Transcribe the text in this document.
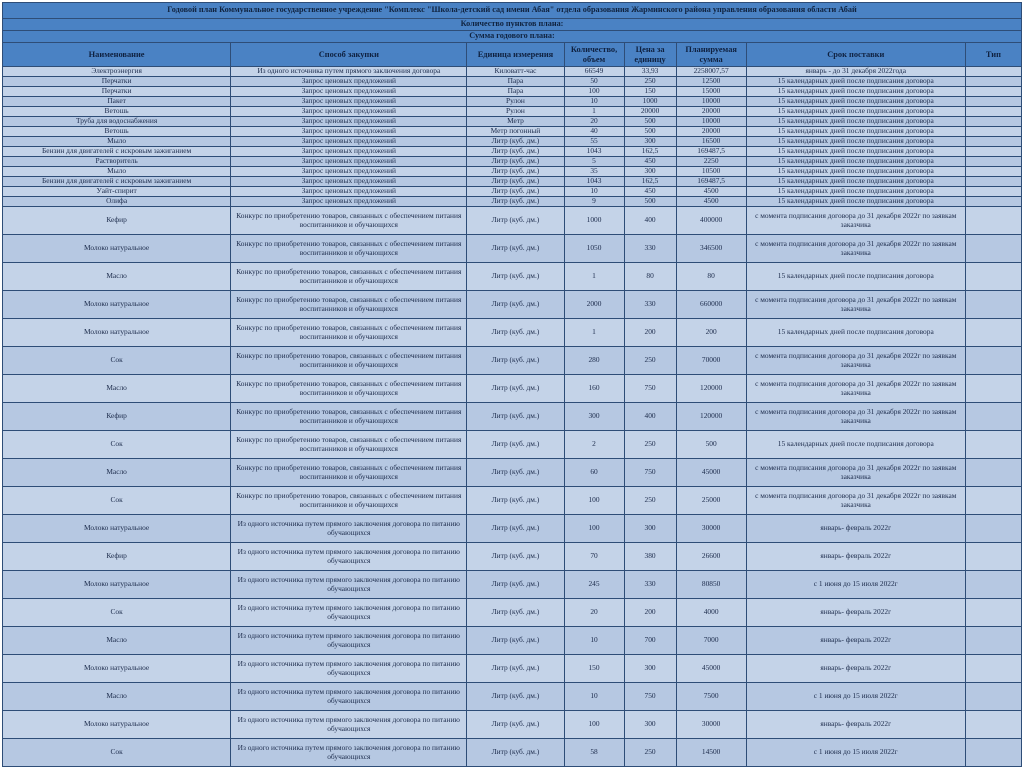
Годовой план Коммунальное государственное учреждение "Комплекс "Школа-детский сад имени Абая" отдела образования Жарминского района управления образования области Абай							
Количество пунктов плана:							
Сумма годового плана:							
Наименование	Способ закупки	Единица измерения	Количество, объем	Цена за единицу	Планируемая сумма	Срок поставки	Тип
Электроэнергия	Из одного источника путем прямого заключения договора	Киловатт-час	66549	33,93	2258007,57	январь - до 31 декабря 2022года	
Перчатки	Запрос ценовых предложений	Пара	50	250	12500	15 календарных дней после подписания договора	
Перчатки	Запрос ценовых предложений	Пара	100	150	15000	15 календарных дней после подписания договора	
Пакет	Запрос ценовых предложений	Рулон	10	1000	10000	15 календарных дней после подписания договора	
Ветошь	Запрос ценовых предложений	Рулон	1	20000	20000	15 календарных дней после подписания договора	
Труба для водоснабжения	Запрос ценовых предложений	Метр	20	500	10000	15 календарных дней после подписания договора	
Ветошь	Запрос ценовых предложений	Метр погонный	40	500	20000	15 календарных дней после подписания договора	
Мыло	Запрос ценовых предложений	Литр (куб. дм.)	55	300	16500	15 календарных дней после подписания договора	
Бензин для двигателей с искровым зажиганием	Запрос ценовых предложений	Литр (куб. дм.)	1043	162,5	169487,5	15 календарных дней после подписания договора	
Растворитель	Запрос ценовых предложений	Литр (куб. дм.)	5	450	2250	15 календарных дней после подписания договора	
Мыло	Запрос ценовых предложений	Литр (куб. дм.)	35	300	10500	15 календарных дней после подписания договора	
Бензин для двигателей с искровым зажиганием	Запрос ценовых предложений	Литр (куб. дм.)	1043	162,5	169487,5	15 календарных дней после подписания договора	
Уайт-спирит	Запрос ценовых предложений	Литр (куб. дм.)	10	450	4500	15 календарных дней после подписания договора	
Олифа	Запрос ценовых предложений	Литр (куб. дм.)	9	500	4500	15 календарных дней после подписания договора	
Кефир	Конкурс по приобретению товаров, связанных с обеспечением питания воспитанников и обучающихся	Литр (куб. дм.)	1000	400	400000	с момента подписания договора до 31 декабря 2022г по заявкам заказчика	
Молоко натуральное	Конкурс по приобретению товаров, связанных с обеспечением питания воспитанников и обучающихся	Литр (куб. дм.)	1050	330	346500	с момента подписания договора до 31 декабря 2022г по заявкам заказчика	
Масло	Конкурс по приобретению товаров, связанных с обеспечением питания воспитанников и обучающихся	Литр (куб. дм.)	1	80	80	15 календарных дней после подписания договора	
Молоко натуральное	Конкурс по приобретению товаров, связанных с обеспечением питания воспитанников и обучающихся	Литр (куб. дм.)	2000	330	660000	с момента подписания договора до 31 декабря 2022г по заявкам заказчика	
Молоко натуральное	Конкурс по приобретению товаров, связанных с обеспечением питания воспитанников и обучающихся	Литр (куб. дм.)	1	200	200	15 календарных дней после подписания договора	
Сок	Конкурс по приобретению товаров, связанных с обеспечением питания воспитанников и обучающихся	Литр (куб. дм.)	280	250	70000	с момента подписания договора до 31 декабря 2022г по заявкам заказчика	
Масло	Конкурс по приобретению товаров, связанных с обеспечением питания воспитанников и обучающихся	Литр (куб. дм.)	160	750	120000	с момента подписания договора до 31 декабря 2022г по заявкам заказчика	
Кефир	Конкурс по приобретению товаров, связанных с обеспечением питания воспитанников и обучающихся	Литр (куб. дм.)	300	400	120000	с момента подписания договора до 31 декабря 2022г по заявкам заказчика	
Сок	Конкурс по приобретению товаров, связанных с обеспечением питания воспитанников и обучающихся	Литр (куб. дм.)	2	250	500	15 календарных дней после подписания договора	
Масло	Конкурс по приобретению товаров, связанных с обеспечением питания воспитанников и обучающихся	Литр (куб. дм.)	60	750	45000	с момента подписания договора до 31 декабря 2022г по заявкам заказчика	
Сок	Конкурс по приобретению товаров, связанных с обеспечением питания воспитанников и обучающихся	Литр (куб. дм.)	100	250	25000	с момента подписания договора до 31 декабря 2022г по заявкам заказчика	
Молоко натуральное	Из одного источника путем прямого заключения договора по питанию обучающихся	Литр (куб. дм.)	100	300	30000	январь- февраль 2022г	
Кефир	Из одного источника путем прямого заключения договора по питанию обучающихся	Литр (куб. дм.)	70	380	26600	январь- февраль 2022г	
Молоко натуральное	Из одного источника путем прямого заключения договора по питанию обучающихся	Литр (куб. дм.)	245	330	80850	с 1 июня до 15 июля 2022г	
Сок	Из одного источника путем прямого заключения договора по питанию обучающихся	Литр (куб. дм.)	20	200	4000	январь- февраль 2022г	
Масло	Из одного источника путем прямого заключения договора по питанию обучающихся	Литр (куб. дм.)	10	700	7000	январь- февраль 2022г	
Молоко натуральное	Из одного источника путем прямого заключения договора по питанию обучающихся	Литр (куб. дм.)	150	300	45000	январь- февраль 2022г	
Масло	Из одного источника путем прямого заключения договора по питанию обучающихся	Литр (куб. дм.)	10	750	7500	с 1 июня до 15 июля 2022г	
Молоко натуральное	Из одного источника путем прямого заключения договора по питанию обучающихся	Литр (куб. дм.)	100	300	30000	январь- февраль 2022г	
Сок	Из одного источника путем прямого заключения договора по питанию обучающихся	Литр (куб. дм.)	58	250	14500	с 1 июня до 15 июля 2022г	
